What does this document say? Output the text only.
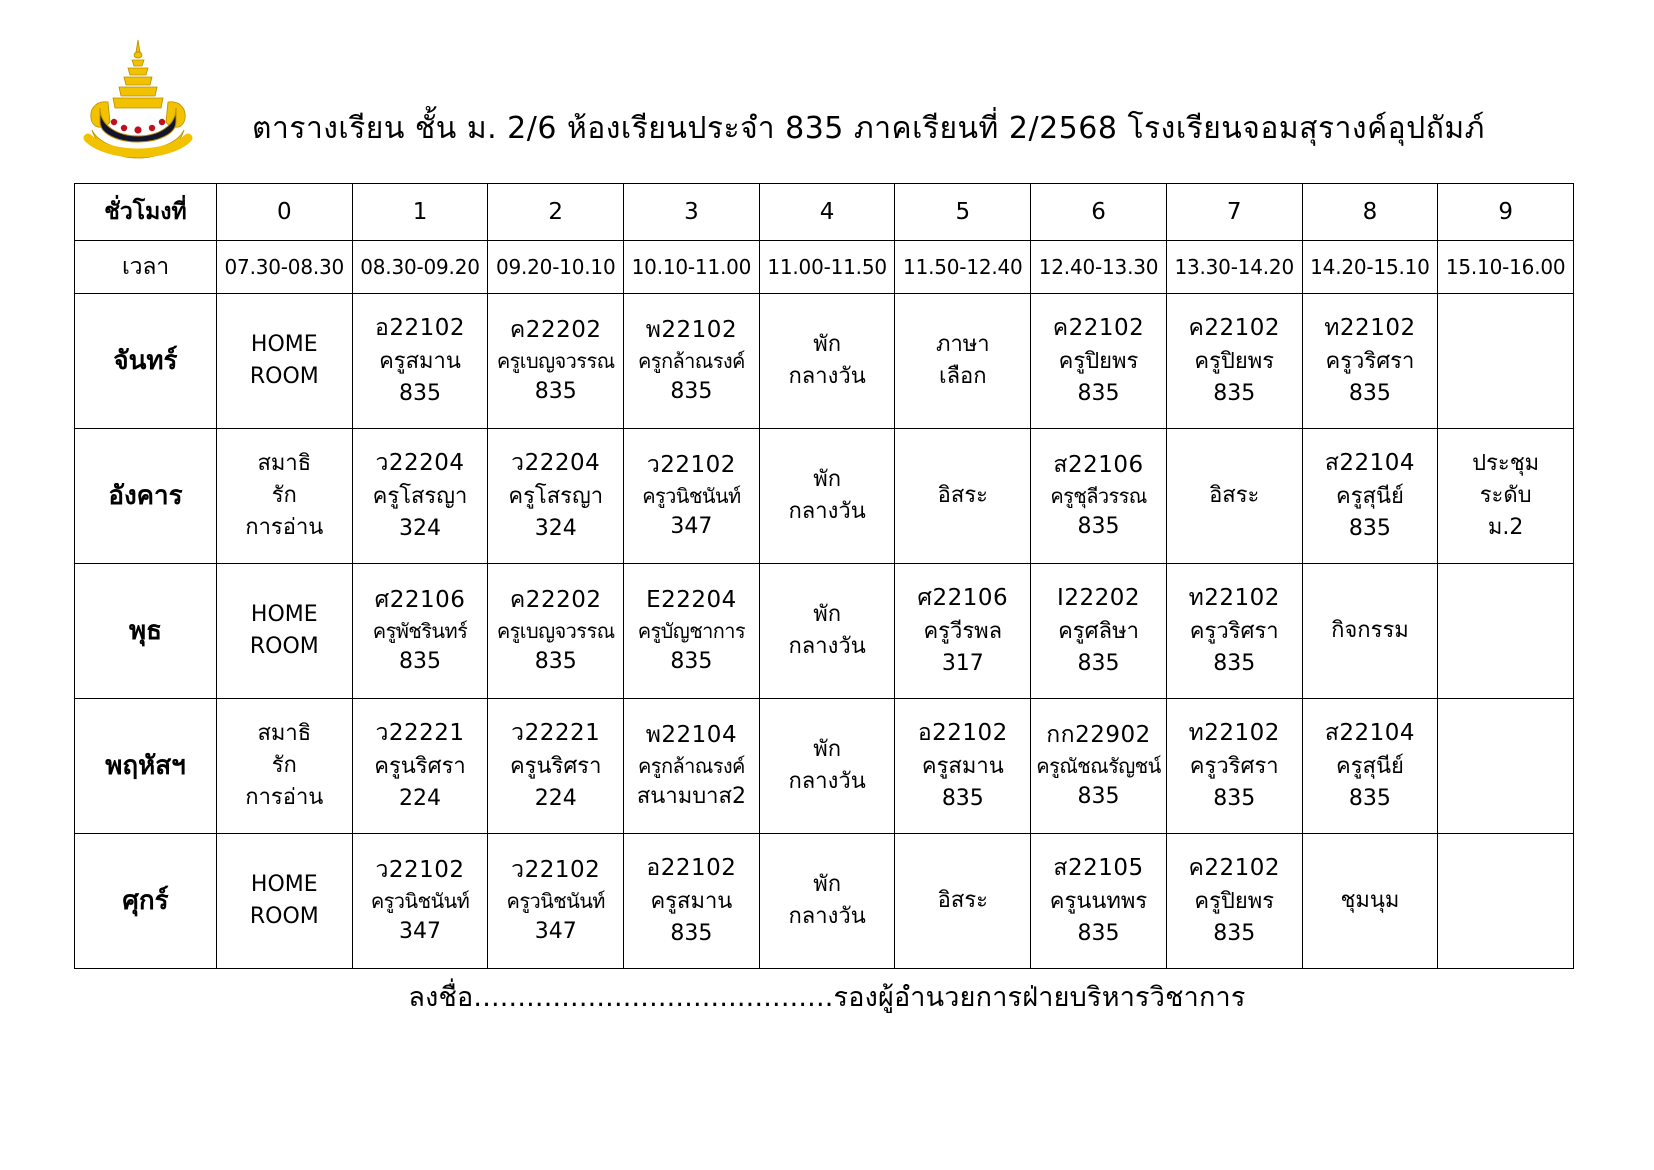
ตารางเรียน ชั้น ม. 2/6 ห้องเรียนประจำ 835 ภาคเรียนที่ 2/2568 โรงเรียนจอมสุรางค์อุปถัมภ์
ชั่วโมงที่	0	1	2	3	4	5	6	7	8	9
เวลา	07.30-08.30	08.30-09.20	09.20-10.10	10.10-11.00	11.00-11.50	11.50-12.40	12.40-13.30	13.30-14.20	14.20-15.10	15.10-16.00
จันทร์	HOME
ROOM	อ22102
ครูสมาน
835	ค22202
ครูเบญจวรรณ
835	พ22102
ครูกล้าณรงค์
835	พัก
กลางวัน	ภาษา
เลือก	ค22102
ครูปิยพร
835	ค22102
ครูปิยพร
835	ท22102
ครูวริศรา
835	

อังคาร	สมาธิ
รัก
การอ่าน	ว22204
ครูโสรญา
324	ว22204
ครูโสรญา
324	ว22102
ครูวนิชนันท์
347	พัก
กลางวัน	อิสระ	ส22106
ครูชุลีวรรณ
835	อิสระ	ส22104
ครูสุนีย์
835	ประชุม
ระดับ
ม.2

พุธ	HOME
ROOM	ศ22106
ครูพัชรินทร์
835	ค22202
ครูเบญจวรรณ
835	E22204
ครูบัญชาการ
835	พัก
กลางวัน	ศ22106
ครูวีรพล
317	I22202
ครูศลิษา
835	ท22102
ครูวริศรา
835	กิจกรรม	

พฤหัสฯ	สมาธิ
รัก
การอ่าน	ว22221
ครูนริศรา
224	ว22221
ครูนริศรา
224	พ22104
ครูกล้าณรงค์
สนามบาส2	พัก
กลางวัน	อ22102
ครูสมาน
835	กก22902
ครูณัชณรัญชน์
835	ท22102
ครูวริศรา
835	ส22104
ครูสุนีย์
835	

ศุกร์	HOME
ROOM	ว22102
ครูวนิชนันท์
347	ว22102
ครูวนิชนันท์
347	อ22102
ครูสมาน
835	พัก
กลางวัน	อิสระ	ส22105
ครูนนทพร
835	ค22102
ครูปิยพร
835	ชุมนุม	

ลงชื่อ.........................................รองผู้อำนวยการฝ่ายบริหารวิชาการ
